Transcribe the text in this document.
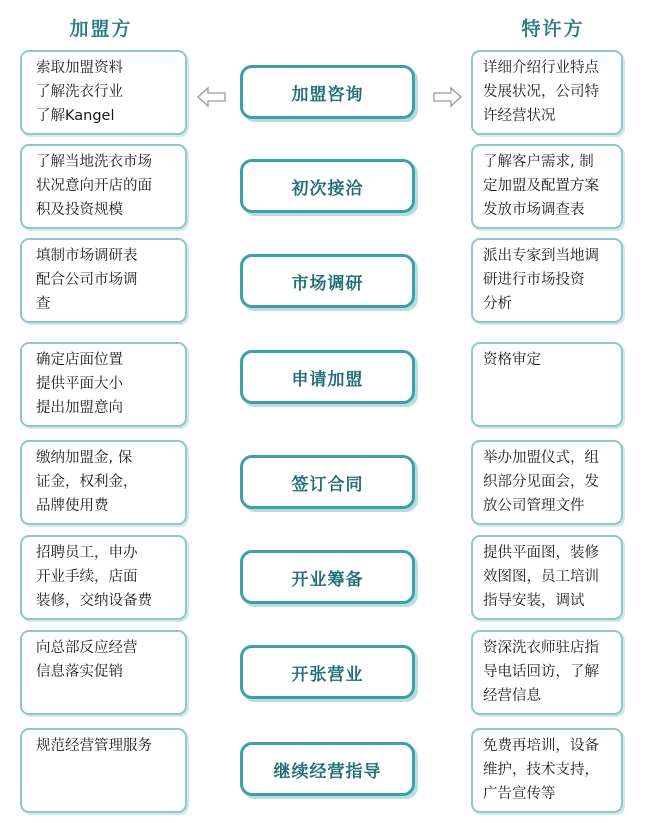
加盟方	特许方
索取加盟资料
了解洗衣行业
了解Kangel
加盟咨询
详细介绍行业特点
发展状况，公司特
许经营状况
了解当地洗衣市场
状况意向开店的面
积及投资规模
初次接洽
了解客户需求, 制
定加盟及配置方案
发放市场调查表
填制市场调研表
配合公司市场调
查
市场调研
派出专家到当地调
研进行市场投资
分析
确定店面位置
提供平面大小
提出加盟意向
申请加盟
资格审定
缴纳加盟金, 保
证金，权利金，
品牌使用费
签订合同
举办加盟仪式，组
织部分见面会，发
放公司管理文件
招聘员工，申办
开业手续，店面
装修，交纳设备费
开业筹备
提供平面图，装修
效图图，员工培训
指导安装，调试
向总部反应经营
信息落实促销	开张营业
资深洗衣师驻店指
导电话回访，了解
经营信息
规范经营管理服务
继续经营指导
免费再培训，设备
维护，技术支持，
广告宣传等
